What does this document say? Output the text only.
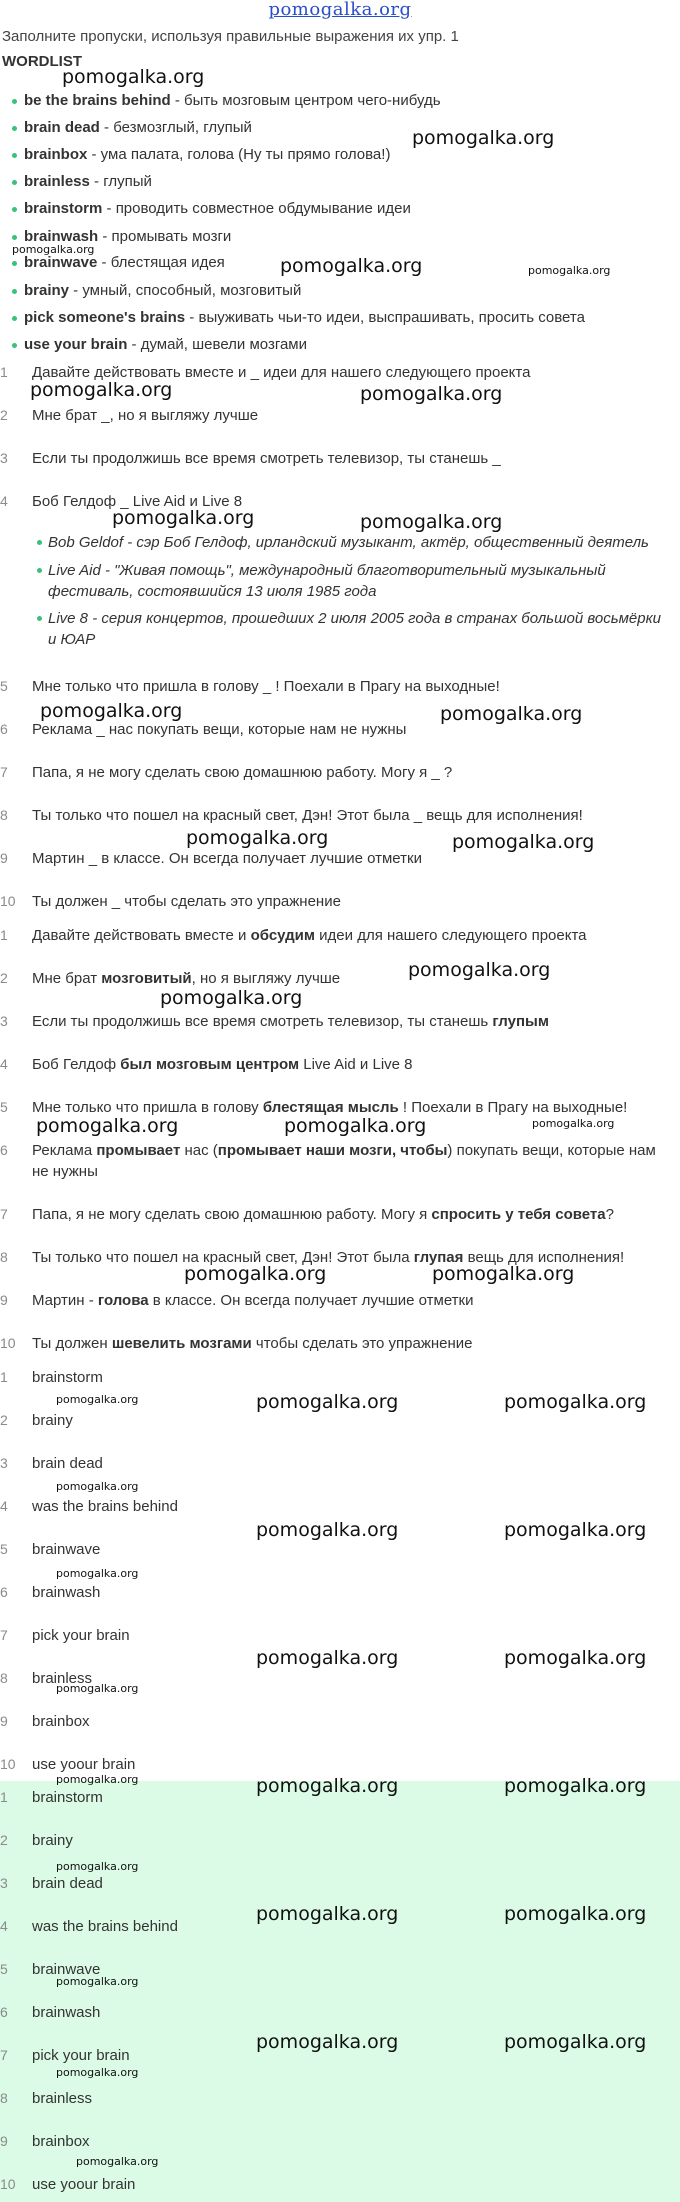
pomogalka.org
Заполните пропуски, используя правильные выражения их упр. 1
WORDLIST
be the brains behind - быть мозговым центром чего-нибудь
brain dead - безмозглый, глупый
brainbox - ума палата, голова (Ну ты прямо голова!)
brainless - глупый
brainstorm - проводить совместное обдумывание идеи
brainwash - промывать мозги
brainwave - блестящая идея
brainy - умный, способный, мозговитый
pick someone's brains - выуживать чьи-то идеи, выспрашивать, просить совета
use your brain - думай, шевели мозгами
1	Давайте действовать вместе и _ идеи для нашего следующего проекта
2	Мне брат _, но я выгляжу лучше
3	Если ты продолжишь все время смотреть телевизор, ты станешь _
4	Боб Гелдоф _ Live Aid и Live 8
Bob Geldof - сэр Боб Гелдоф, ирландский музыкант, актёр, общественный деятель
Live Aid - "Живая помощь", международный благотворительный музыкальный фестиваль, состоявшийся 13 июля 1985 года
Live 8 - серия концертов, прошедших 2 июля 2005 года в странах большой восьмёрки и ЮАР
5	Мне только что пришла в голову _ ! Поехали в Прагу на выходные!
6	Реклама _ нас покупать вещи, которые нам не нужны
7	Папа, я не могу сделать свою домашнюю работу. Могу я _ ?
8	Ты только что пошел на красный свет, Дэн! Этот была _ вещь для исполнения!
9	Мартин _ в классе. Он всегда получает лучшие отметки
10 Ты должен _ чтобы сделать это упражнение
1	Давайте действовать вместе и обсудим идеи для нашего следующего проекта
2	Мне брат мозговитый, но я выгляжу лучше
3	Если ты продолжишь все время смотреть телевизор, ты станешь глупым
4	Боб Гелдоф был мозговым центром Live Aid и Live 8
5	Мне только что пришла в голову блестящая мысль ! Поехали в Прагу на выходные!
6	Реклама промывает нас (промывает наши мозги, чтобы) покупать вещи, которые нам не нужны
7	Папа, я не могу сделать свою домашнюю работу. Могу я спросить у тебя совета?
8	Ты только что пошел на красный свет, Дэн! Этот была глупая вещь для исполнения!
9	Мартин - голова в классе. Он всегда получает лучшие отметки
10 Ты должен шевелить мозгами чтобы сделать это упражнение
1	brainstorm
2	brainy
3	brain dead
4	was the brains behind
5	brainwave
6	brainwash
7	pick your brain
8	brainless
9	brainbox
10 use yoour brain
1	brainstorm
2	brainy
3	brain dead
4	was the brains behind
5	brainwave
6	brainwash
7	pick your brain
8	brainless
9	brainbox
10 use yoour brain
pomogalka.org
pomogalka.org
pomogalka.org
pomogalka.org	pomogalka.org
pomogalka.org	pomogalka.org
pomogalka.org	pomogalka.org
pomogalka.org	pomogalka.org
pomogalka.org	pomogalka.org
pomogalka.org
pomogalka.org
pomogalka.org	pomogalka.org	pomogalka.org
pomogalka.org	pomogalka.org
pomogalka.org	pomogalka.org	pomogalka.org
pomogalka.org
pomogalka.org	pomogalka.org
pomogalka.org
pomogalka.org	pomogalka.org
pomogalka.org
pomogalka.org	pomogalka.org	pomogalka.org
pomogalka.org
pomogalka.org	pomogalka.org
pomogalka.org
pomogalka.org	pomogalka.org
pomogalka.org
pomogalka.org
